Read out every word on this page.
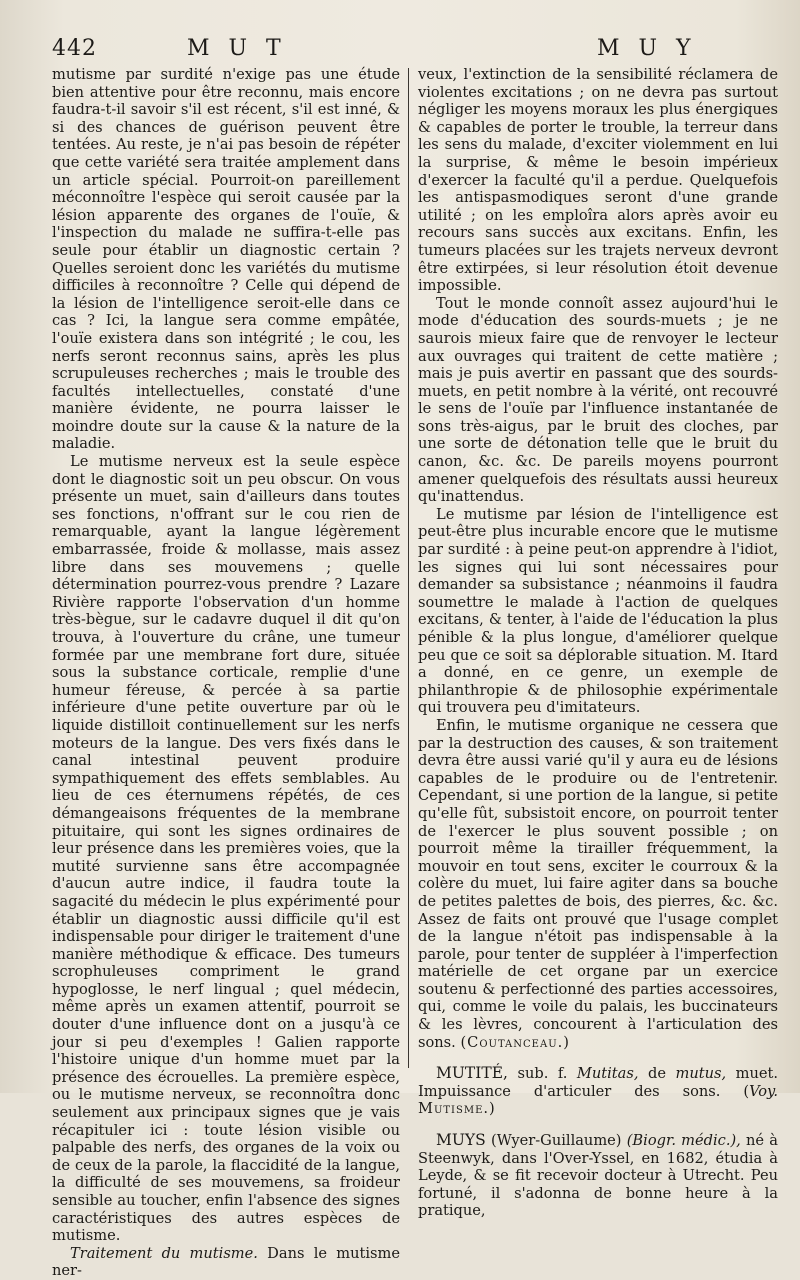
442	M U T	M U Y

mutisme par surdité n'exige pas une étude bien attentive pour être reconnu, mais encore faudra-t-il savoir s'il est récent, s'il est inné, & si des chances de guérison peuvent être tentées. Au reste, je n'ai pas besoin de répéter que cette variété sera traitée amplement dans un article spécial. Pourroit-on pareillement méconnoître l'espèce qui seroit causée par la lésion apparente des organes de l'ouïe, & l'inspection du malade ne suffira-t-elle pas seule pour établir un diagnostic certain ? Quelles seroient donc les variétés du mutisme difficiles à reconnoître ? Celle qui dépend de la lésion de l'intelligence seroit-elle dans ce cas ? Ici, la langue sera comme empâtée, l'ouïe existera dans son intégrité ; le cou, les nerfs seront reconnus sains, après les plus scrupuleuses recherches ; mais le trouble des facultés intellectuelles, constaté d'une manière évidente, ne pourra laisser le moindre doute sur la cause & la nature de la maladie.

Le mutisme nerveux est la seule espèce dont le diagnostic soit un peu obscur. On vous présente un muet, sain d'ailleurs dans toutes ses fonctions, n'offrant sur le cou rien de remarquable, ayant la langue légèrement embarrassée, froide & mollasse, mais assez libre dans ses mouvemens ; quelle détermination pourrez-vous prendre ? Lazare Rivière rapporte l'observation d'un homme très-bègue, sur le cadavre duquel il dit qu'on trouva, à l'ouverture du crâne, une tumeur formée par une membrane fort dure, située sous la substance corticale, remplie d'une humeur féreuse, & percée à sa partie inférieure d'une petite ouverture par où le liquide distilloit continuellement sur les nerfs moteurs de la langue. Des vers fixés dans le canal intestinal peuvent produire sympathiquement des effets semblables. Au lieu de ces éternumens répétés, de ces démangeaisons fréquentes de la membrane pituitaire, qui sont les signes ordinaires de leur présence dans les premières voies, que la mutité survienne sans être accompagnée d'aucun autre indice, il faudra toute la sagacité du médecin le plus expérimenté pour établir un diagnostic aussi difficile qu'il est indispensable pour diriger le traitement d'une manière méthodique & efficace. Des tumeurs scrophuleuses compriment le grand hypoglosse, le nerf lingual ; quel médecin, même après un examen attentif, pourroit se douter d'une influence dont on a jusqu'à ce jour si peu d'exemples ! Galien rapporte l'histoire unique d'un homme muet par la présence des écrouelles. La première espèce, ou le mutisme nerveux, se reconnoîtra donc seulement aux principaux signes que je vais récapituler ici : toute lésion visible ou palpable des nerfs, des organes de la voix ou de ceux de la parole, la flaccidité de la langue, la difficulté de ses mouvemens, sa froideur sensible au toucher, enfin l'absence des signes caractéristiques des autres espèces de mutisme.

Traitement du mutisme. Dans le mutisme ner-

veux, l'extinction de la sensibilité réclamera de violentes excitations ; on ne devra pas surtout négliger les moyens moraux les plus énergiques & capables de porter le trouble, la terreur dans les sens du malade, d'exciter violemment en lui la surprise, & même le besoin impérieux d'exercer la faculté qu'il a perdue. Quelquefois les antispasmodiques seront d'une grande utilité ; on les emploîra alors après avoir eu recours sans succès aux excitans. Enfin, les tumeurs placées sur les trajets nerveux devront être extirpées, si leur résolution étoit devenue impossible.

Tout le monde connoît assez aujourd'hui le mode d'éducation des sourds-muets ; je ne saurois mieux faire que de renvoyer le lecteur aux ouvrages qui traitent de cette matière ; mais je puis avertir en passant que des sourds-muets, en petit nombre à la vérité, ont recouvré le sens de l'ouïe par l'influence instantanée de sons très-aigus, par le bruit des cloches, par une sorte de détonation telle que le bruit du canon, &c. &c. De pareils moyens pourront amener quelquefois des résultats aussi heureux qu'inattendus.

Le mutisme par lésion de l'intelligence est peut-être plus incurable encore que le mutisme par surdité : à peine peut-on apprendre à l'idiot, les signes qui lui sont nécessaires pour demander sa subsistance ; néanmoins il faudra soumettre le malade à l'action de quelques excitans, & tenter, à l'aide de l'éducation la plus pénible & la plus longue, d'améliorer quelque peu que ce soit sa déplorable situation. M. Itard a donné, en ce genre, un exemple de philanthropie & de philosophie expérimentale qui trouvera peu d'imitateurs.

Enfin, le mutisme organique ne cessera que par la destruction des causes, & son traitement devra être aussi varié qu'il y aura eu de lésions capables de le produire ou de l'entretenir. Cependant, si une portion de la langue, si petite qu'elle fût, subsistoit encore, on pourroit tenter de l'exercer le plus souvent possible ; on pourroit même la tirailler fréquemment, la mouvoir en tout sens, exciter le courroux & la colère du muet, lui faire agiter dans sa bouche de petites palettes de bois, des pierres, &c. &c. Assez de faits ont prouvé que l'usage complet de la langue n'étoit pas indispensable à la parole, pour tenter de suppléer à l'imperfection matérielle de cet organe par un exercice soutenu & perfectionné des parties accessoires, qui, comme le voile du palais, les buccinateurs & les lèvres, concourent à l'articulation des sons. (Coutanceau.)

MUTITÉ, sub. f. Mutitas, de mutus, muet. Impuissance d'articuler des sons. (Voy. Mutisme.)

MUYS (Wyer-Guillaume) (Biogr. médic.), né à Steenwyk, dans l'Over-Yssel, en 1682, étudia à Leyde, & se fit recevoir docteur à Utrecht. Peu fortuné, il s'adonna de bonne heure à la pratique,
